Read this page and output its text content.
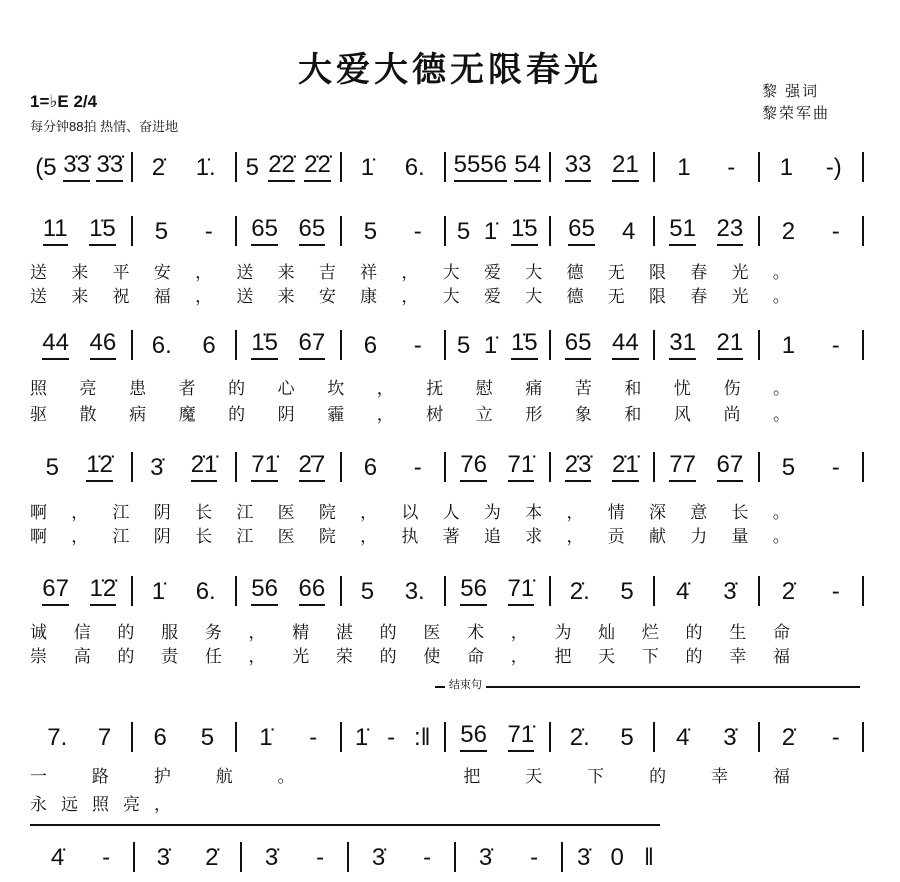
大爱大德无限春光
1=♭E 2/4
每分钟88拍 热情、奋进地
黎 强词
黎荣军曲
结束句
(5 3̇3̇ 3̇3̇ 2̇ 1̇. 5 2̇2̇ 2̇2̇ 1̇ 6. 5556 54 33 21 1 - 1 -)
11 1̇5 5 - 65 65 5 - 5 1̇ 1̇5 65 4 51 23 2 -
送 来 平 安 ， 送 来 吉 祥 ， 大 爱 大 德 无 限 春 光 。
送 来 祝 福 ， 送 来 安 康 ， 大 爱 大 德 无 限 春 光 。
44 46 6. 6 1̇5 67 6 - 5 1̇ 1̇5 65 44 31 21 1 -
照 亮 患 者 的 心 坎 ， 抚 慰 痛 苦 和 忧 伤 。
驱 散 病 魔 的 阴 霾 ， 树 立 形 象 和 风 尚 。
5 1̇2̇ 3̇ 2̇1̇ 71̇ 2̇7 6 - 76 71̇ 2̇3̇ 2̇1̇ 77 67 5 -
啊 ， 江 阴 长 江 医 院 ， 以 人 为 本 ， 情 深 意 长 。
啊 ， 江 阴 长 江 医 院 ， 执 著 追 求 ， 贡 献 力 量 。
67 1̇2̇ 1̇ 6. 56 66 5 3. 56 71̇ 2̇. 5 4̇ 3̇ 2̇ -
诚 信 的 服 务 ， 精 湛 的 医 术 ， 为 灿 烂 的 生 命
崇 高 的 责 任 ， 光 荣 的 使 命 ， 把 天 下 的 幸 福
7. 7 6 5 1̇ - 1̇ - :‖ 56 71̇ 2̇. 5 4̇ 3̇ 2̇ -
一	路	护	航	。

　	把	天	下	的	幸	福
永远照亮，
4̇ - 3̇ 2̇ 3̇ - 3̇ - 3̇ - 3̇ 0 ‖
